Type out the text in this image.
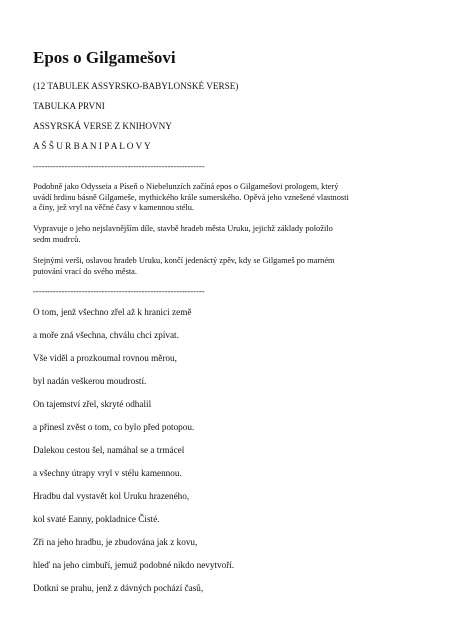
Epos o Gilgamešovi
(12 TABULEK ASSYRSKO-BABYLONSKÉ VERSE)
TABULKA PRVNI
ASSYRSKÁ VERSE Z KNIHOVNY
A Š Š U R B A N I P A L O V Y
------------------------------------------------------------
Podobně jako Odysseia a Píseň o Niebelunzích začíná epos o Gilgamešovi prologem, který
uvádí hrdinu básně Gilgameše, mythického krále sumerského. Opěvá jeho vznešené vlastnosti
a činy, jež vryl na věčné časy v kamennou stélu.
Vypravuje o jeho nejslavnějším díle, stavbě hradeb města Uruku, jejichž základy položilo
sedm mudrců.
Stejnými verši, oslavou hradeb Uruku, končí jedenáctý zpěv, kdy se Gilgameš po marném
putování vrací do svého města.
------------------------------------------------------------
O tom, jenž všechno zřel až k hranici země
a moře zná všechna, chválu chci zpívat.
Vše viděl a prozkoumal rovnou měrou,
byl nadán veškerou moudrostí.
On tajemství zřel, skryté odhalil
a přinesl zvěst o tom, co bylo před potopou.
Dalekou cestou šel, namáhal se a trmácel
a všechny útrapy vryl v stélu kamennou.
Hradbu dal vystavět kol Uruku hrazeného,
kol svaté Eanny, pokladnice Čisté.
Zři na jeho hradbu, je zbudována jak z kovu,
hleď na jeho cimbuří, jemuž podobné nikdo nevytvoří.
Dotkni se prahu, jenž z dávných pochází časů,
